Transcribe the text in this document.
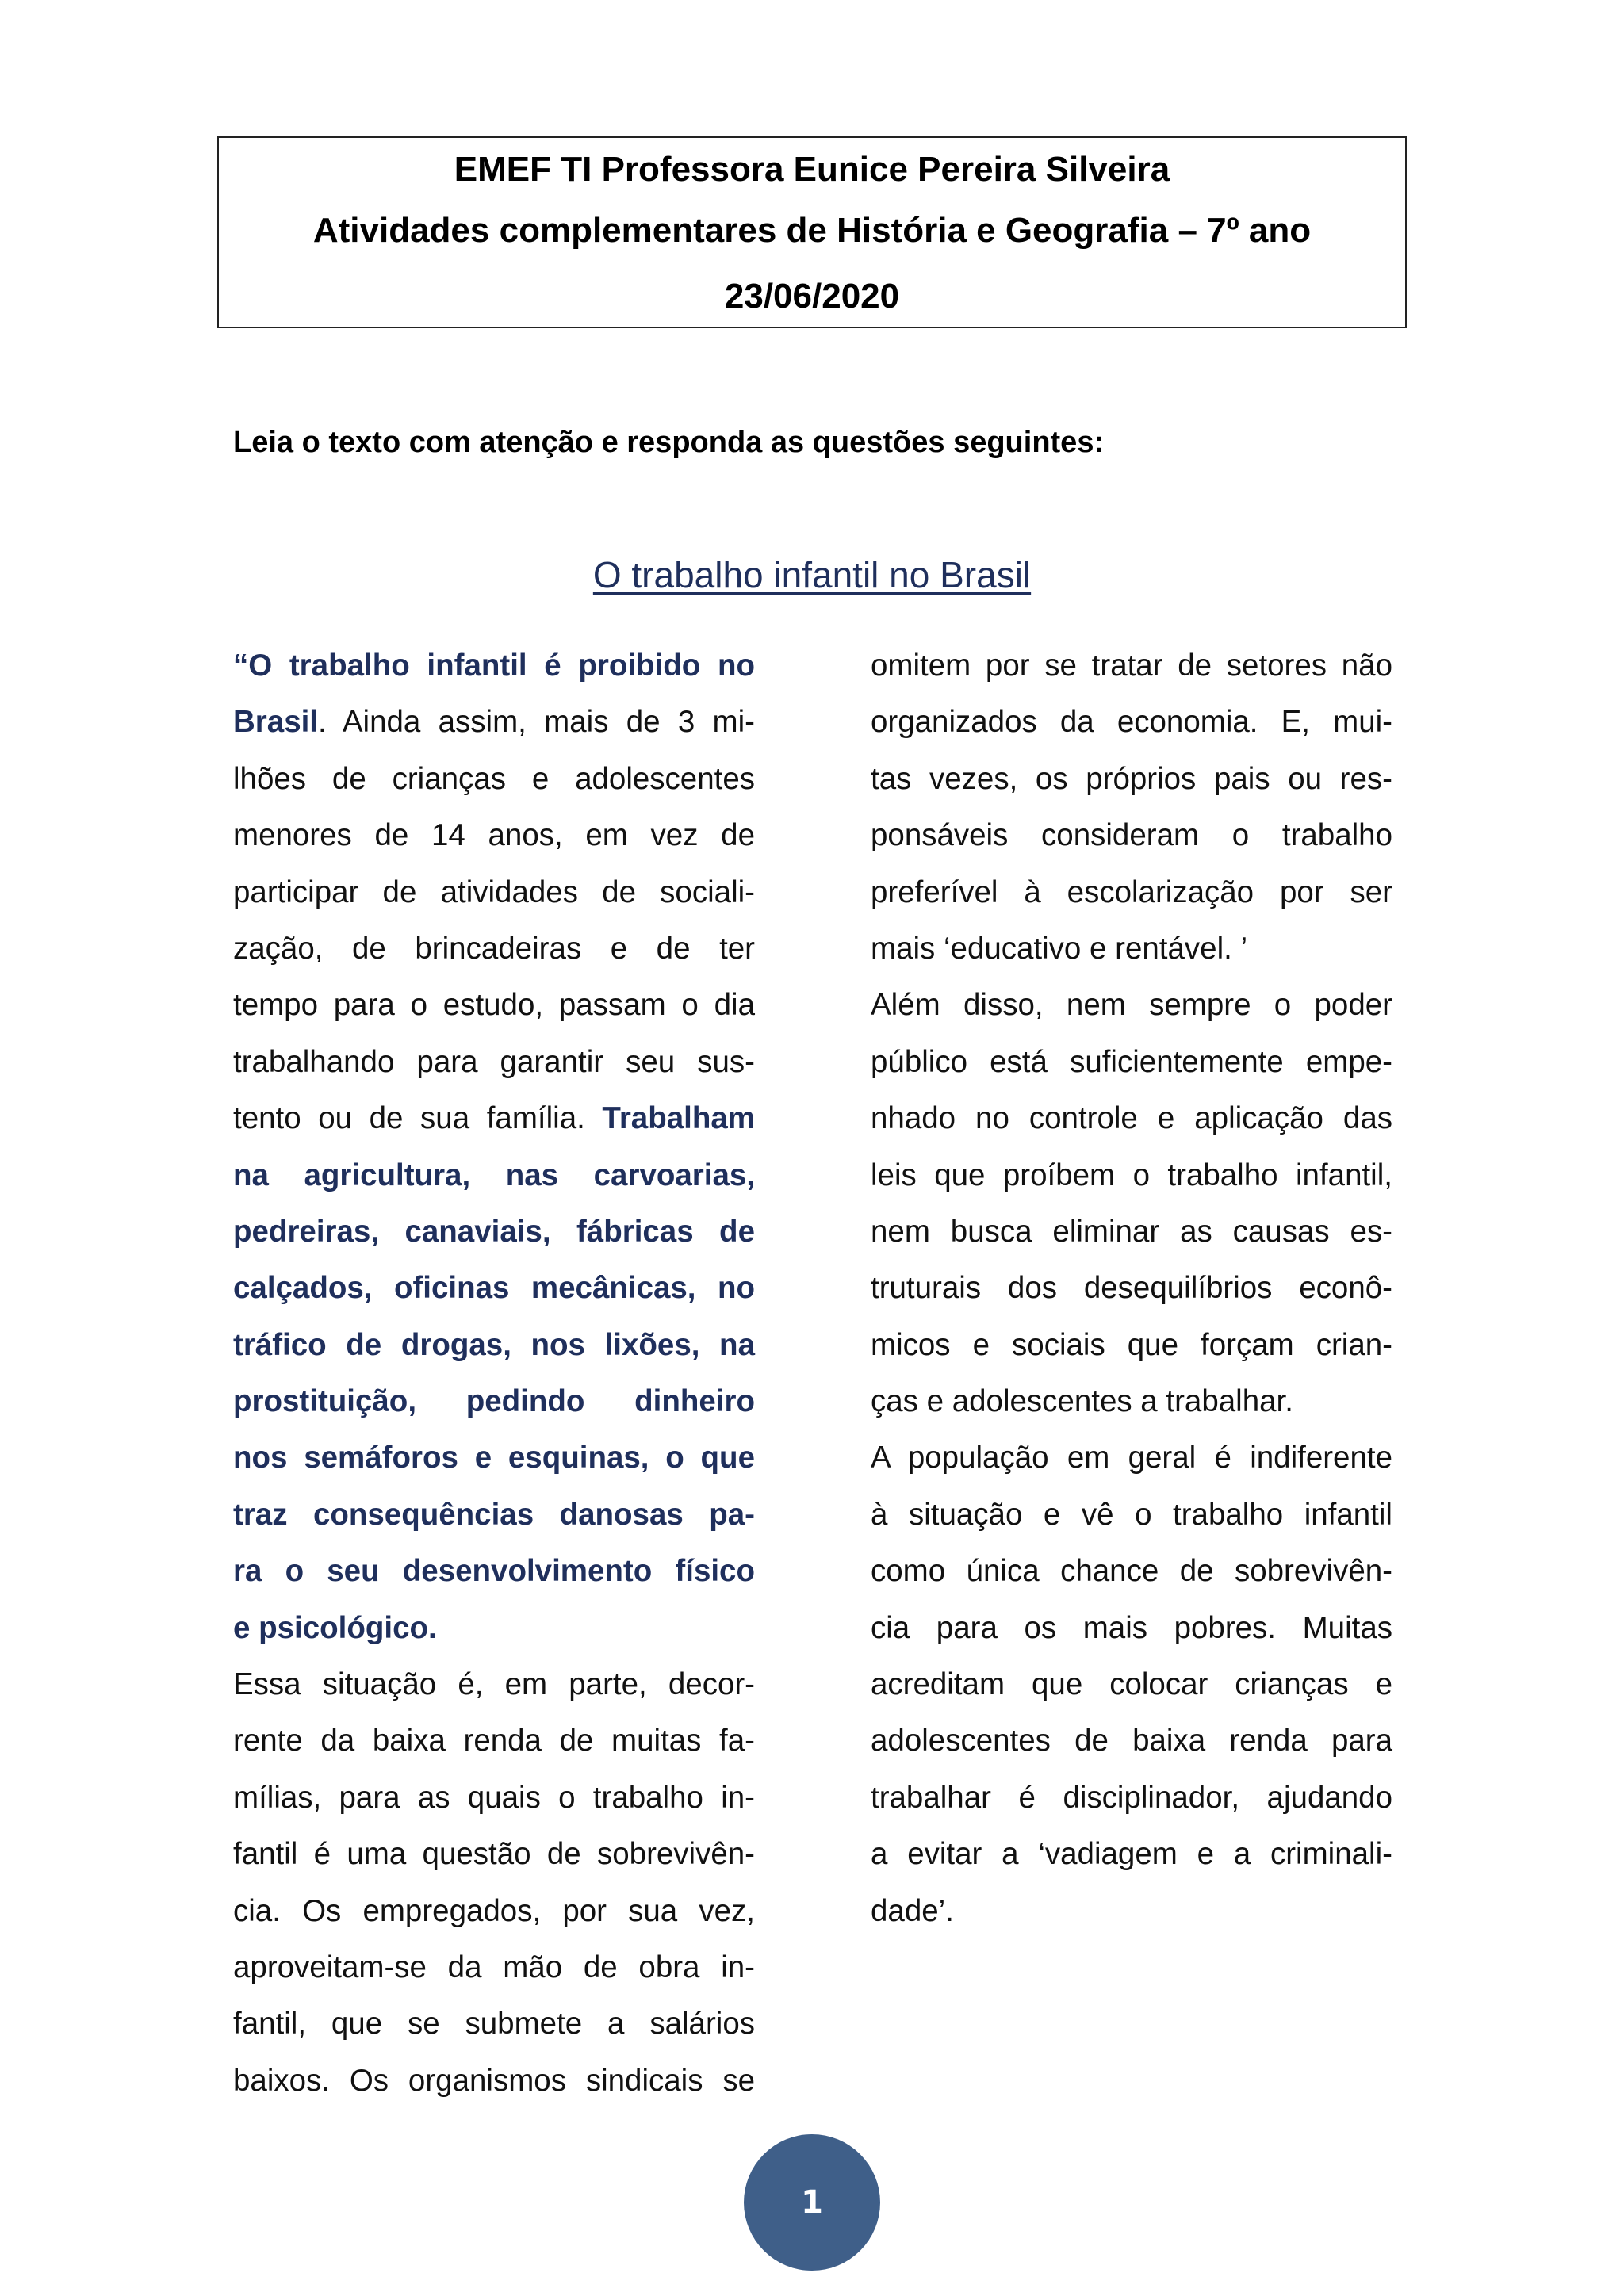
EMEF TI Professora Eunice Pereira Silveira
Atividades complementares de História e Geografia – 7º ano
23/06/2020
Leia o texto com atenção e responda as questões seguintes:
O trabalho infantil no Brasil
“O trabalho infantil é proibido no
Brasil. Ainda assim, mais de 3 mi-
lhões de crianças e adolescentes
menores de 14 anos, em vez de
participar de atividades de sociali-
zação, de brincadeiras e de ter
tempo para o estudo, passam o dia
trabalhando para garantir seu sus-
tento ou de sua família. Trabalham
na agricultura, nas carvoarias,
pedreiras, canaviais, fábricas de
calçados, oficinas mecânicas, no
tráfico de drogas, nos lixões, na
prostituição, pedindo dinheiro
nos semáforos e esquinas, o que
traz consequências danosas pa-
ra o seu desenvolvimento físico
e psicológico.
Essa situação é, em parte, decor-
rente da baixa renda de muitas fa-
mílias, para as quais o trabalho in-
fantil é uma questão de sobrevivên-
cia. Os empregados, por sua vez,
aproveitam-se da mão de obra in-
fantil, que se submete a salários
baixos. Os organismos sindicais se
omitem por se tratar de setores não
organizados da economia. E, mui-
tas vezes, os próprios pais ou res-
ponsáveis consideram o trabalho
preferível à escolarização por ser
mais ‘educativo e rentável. ’
Além disso, nem sempre o poder
público está suficientemente empe-
nhado no controle e aplicação das
leis que proíbem o trabalho infantil,
nem busca eliminar as causas es-
truturais dos desequilíbrios econô-
micos e sociais que forçam crian-
ças e adolescentes a trabalhar.
A população em geral é indiferente
à situação e vê o trabalho infantil
como única chance de sobrevivên-
cia para os mais pobres. Muitas
acreditam que colocar crianças e
adolescentes de baixa renda para
trabalhar é disciplinador, ajudando
a evitar a ‘vadiagem e a criminali-
dade’.
1
